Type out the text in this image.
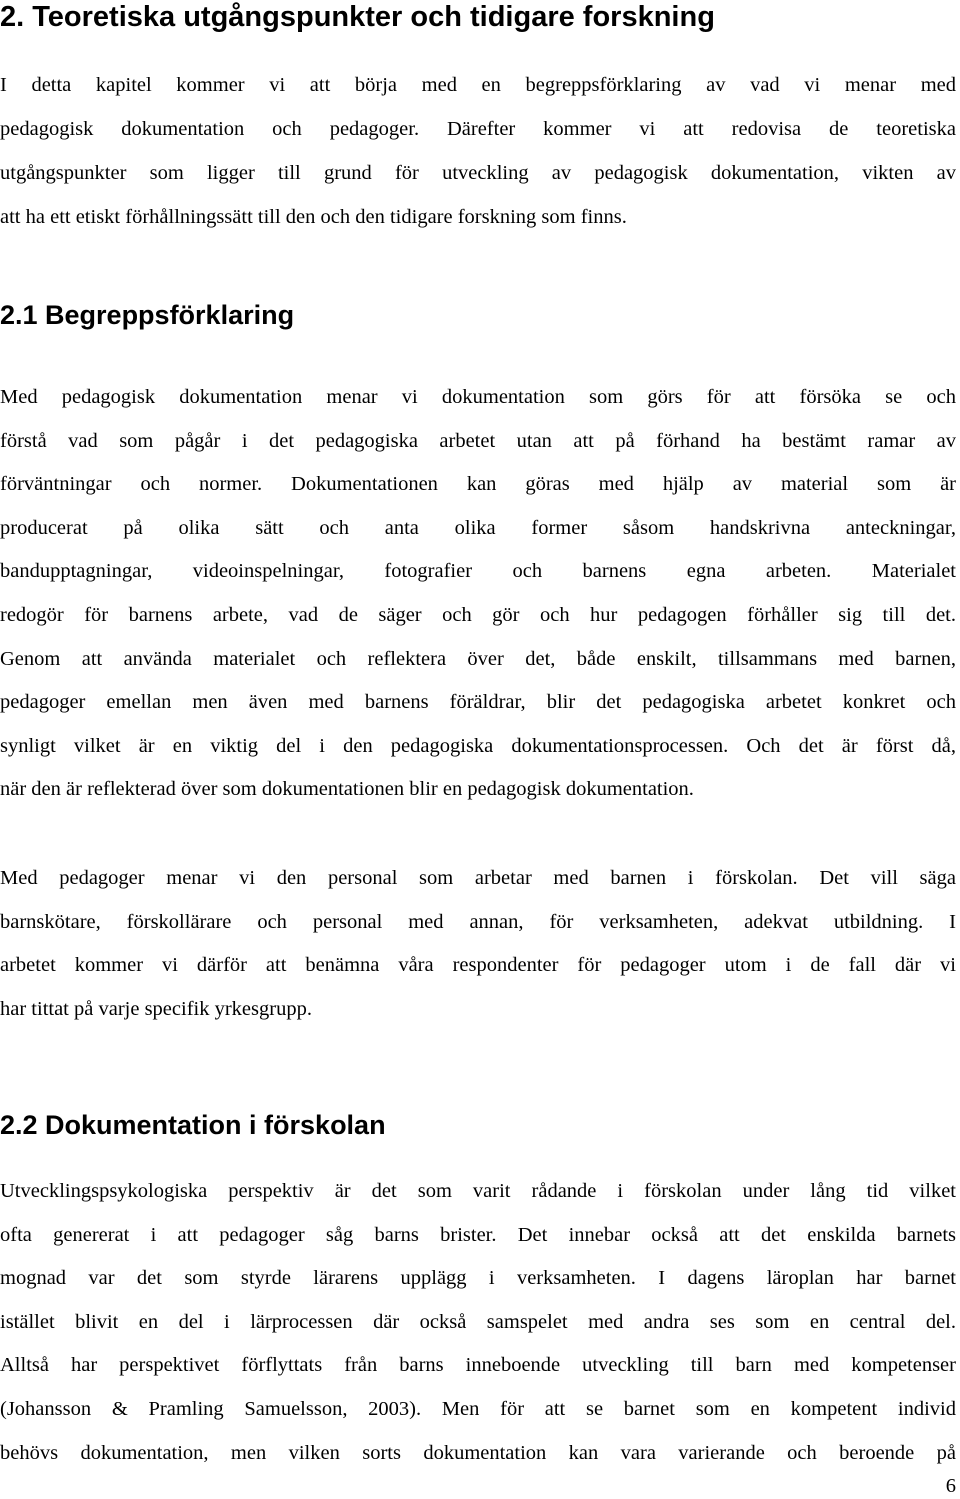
2. Teoretiska utgångspunkter och tidigare forskning
I detta kapitel kommer vi att börja med en begreppsförklaring av vad vi menar med
pedagogisk dokumentation och pedagoger. Därefter kommer vi att redovisa de teoretiska
utgångspunkter som ligger till grund för utveckling av pedagogisk dokumentation, vikten av
att ha ett etiskt förhållningssätt till den och den tidigare forskning som finns.
2.1 Begreppsförklaring
Med pedagogisk dokumentation menar vi dokumentation som görs för att försöka se och
förstå vad som pågår i det pedagogiska arbetet utan att på förhand ha bestämt ramar av
förväntningar och normer. Dokumentationen kan göras med hjälp av material som är
producerat på olika sätt och anta olika former såsom handskrivna anteckningar,
bandupptagningar, videoinspelningar, fotografier och barnens egna arbeten. Materialet
redogör för barnens arbete, vad de säger och gör och hur pedagogen förhåller sig till det.
Genom att använda materialet och reflektera över det, både enskilt, tillsammans med barnen,
pedagoger emellan men även med barnens föräldrar, blir det pedagogiska arbetet konkret och
synligt vilket är en viktig del i den pedagogiska dokumentationsprocessen. Och det är först då,
när den är reflekterad över som dokumentationen blir en pedagogisk dokumentation.
Med pedagoger menar vi den personal som arbetar med barnen i förskolan. Det vill säga
barnskötare, förskollärare och personal med annan, för verksamheten, adekvat utbildning. I
arbetet kommer vi därför att benämna våra respondenter för pedagoger utom i de fall där vi
har tittat på varje specifik yrkesgrupp.
2.2 Dokumentation i förskolan
Utvecklingspsykologiska perspektiv är det som varit rådande i förskolan under lång tid vilket
ofta genererat i att pedagoger såg barns brister. Det innebar också att det enskilda barnets
mognad var det som styrde lärarens upplägg i verksamheten. I dagens läroplan har barnet
istället blivit en del i lärprocessen där också samspelet med andra ses som en central del.
Alltså har perspektivet förflyttats från barns inneboende utveckling till barn med kompetenser
(Johansson & Pramling Samuelsson, 2003). Men för att se barnet som en kompetent individ
behövs dokumentation, men vilken sorts dokumentation kan vara varierande och beroende på
6
